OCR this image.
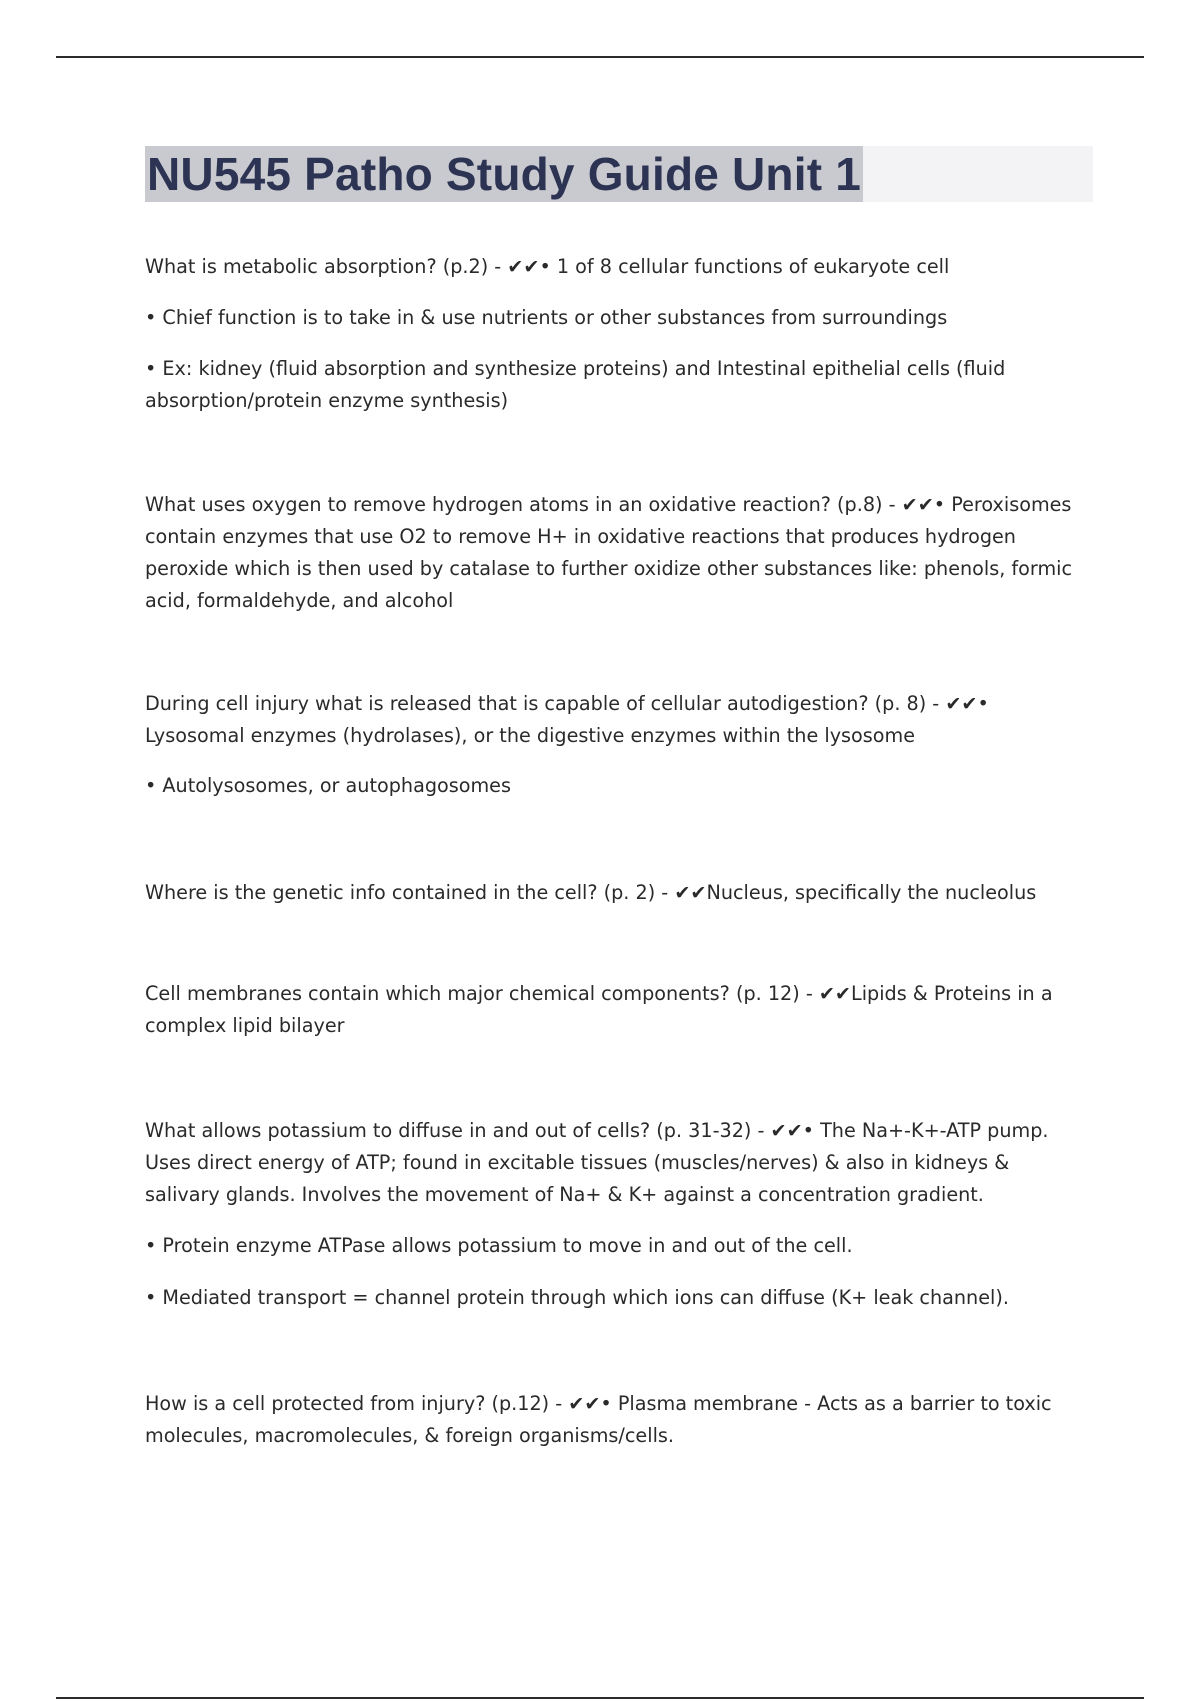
NU545 Patho Study Guide Unit 1

What is metabolic absorption? (p.2) - ✔✔• 1 of 8 cellular functions of eukaryote cell

• Chief function is to take in & use nutrients or other substances from surroundings

• Ex: kidney (fluid absorption and synthesize proteins) and Intestinal epithelial cells (fluid absorption/protein enzyme synthesis)

What uses oxygen to remove hydrogen atoms in an oxidative reaction? (p.8) - ✔✔• Peroxisomes contain enzymes that use O2 to remove H+ in oxidative reactions that produces hydrogen peroxide which is then used by catalase to further oxidize other substances like: phenols, formic acid, formaldehyde, and alcohol

During cell injury what is released that is capable of cellular autodigestion? (p. 8) - ✔✔• Lysosomal enzymes (hydrolases), or the digestive enzymes within the lysosome

• Autolysosomes, or autophagosomes

Where is the genetic info contained in the cell? (p. 2) - ✔✔Nucleus, specifically the nucleolus

Cell membranes contain which major chemical components? (p. 12) - ✔✔Lipids & Proteins in a complex lipid bilayer

What allows potassium to diffuse in and out of cells? (p. 31-32) - ✔✔• The Na+-K+-ATP pump. Uses direct energy of ATP; found in excitable tissues (muscles/nerves) & also in kidneys & salivary glands. Involves the movement of Na+ & K+ against a concentration gradient.

• Protein enzyme ATPase allows potassium to move in and out of the cell.

• Mediated transport = channel protein through which ions can diffuse (K+ leak channel).

How is a cell protected from injury? (p.12) - ✔✔• Plasma membrane - Acts as a barrier to toxic molecules, macromolecules, & foreign organisms/cells.
